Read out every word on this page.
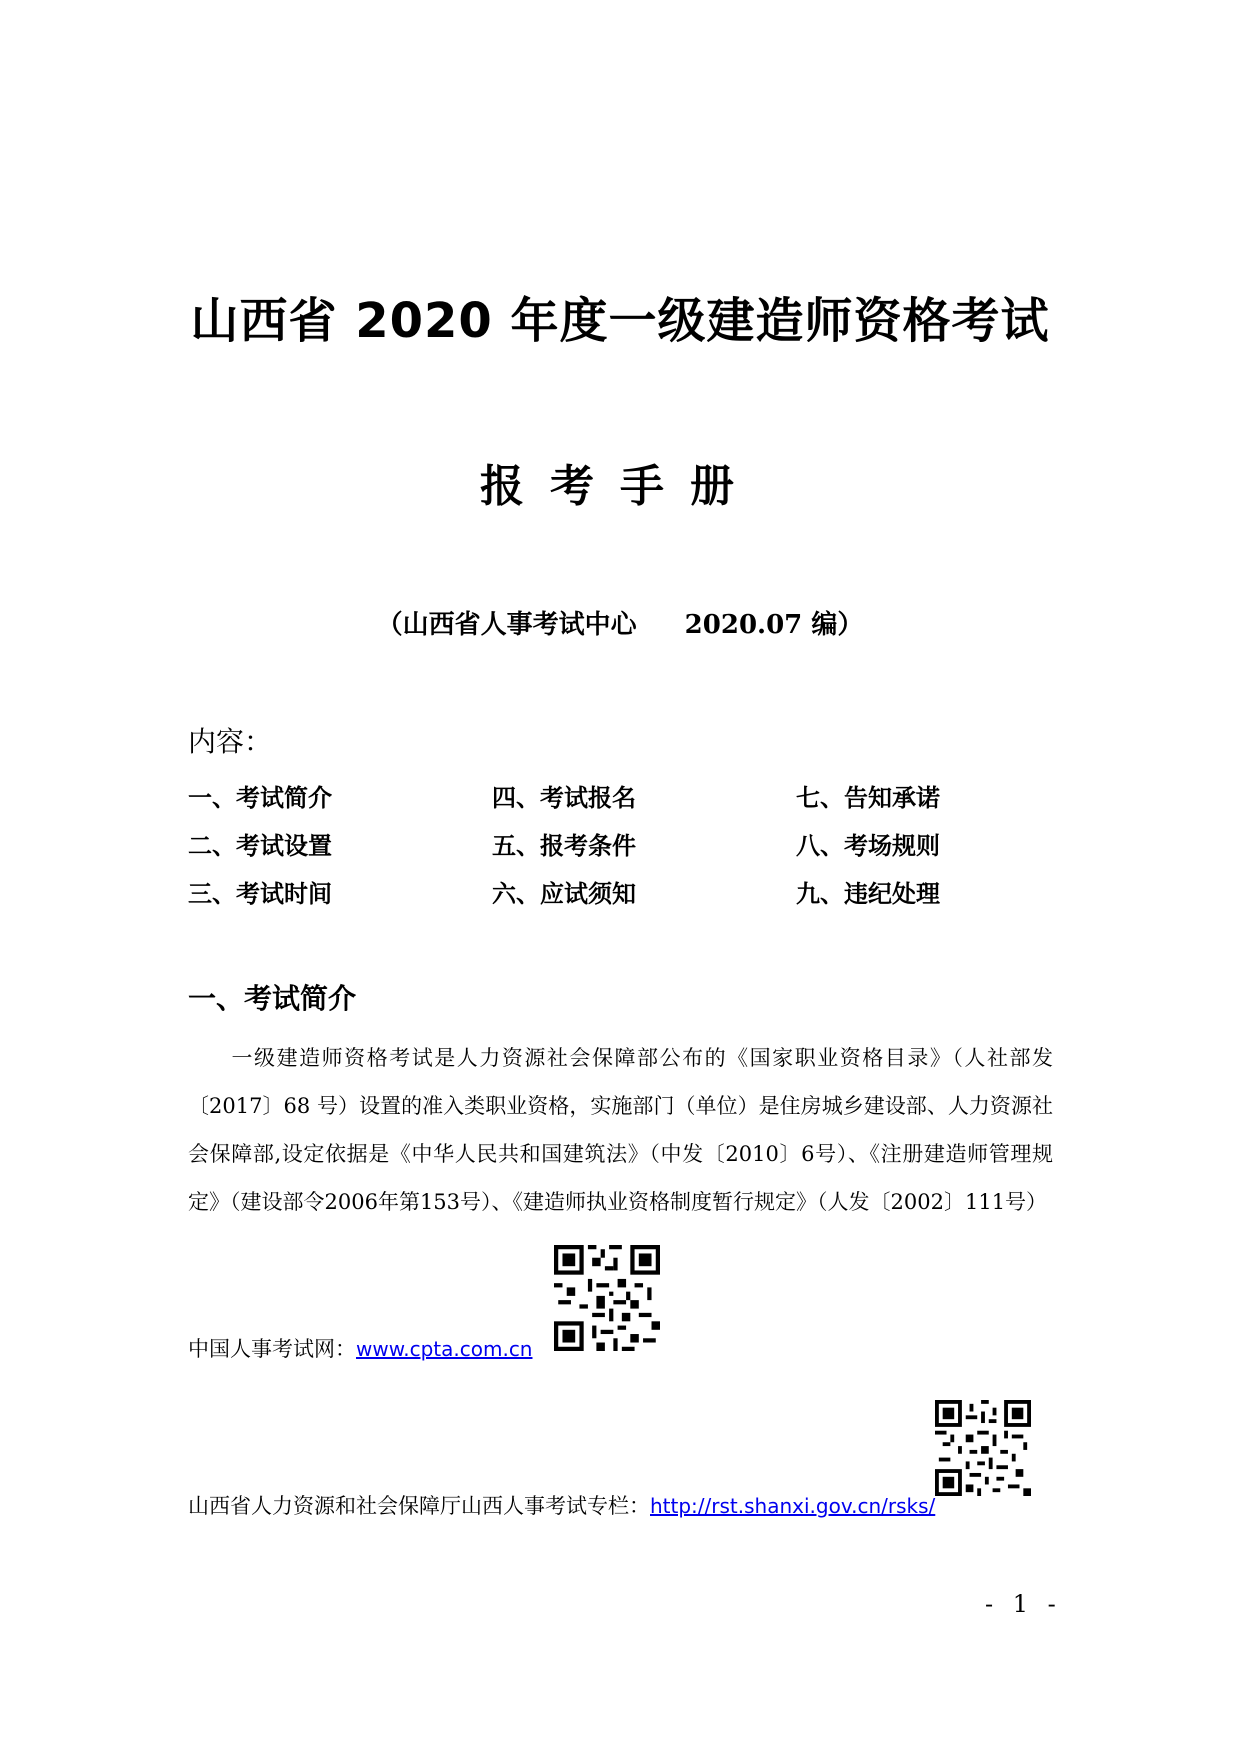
山西省 2020 年度一级建造师资格考试
报考手册
（山西省人事考试中心 2020.07 编）
内容：
一、考试简介
二、考试设置
三、考试时间
四、考试报名
五、报考条件
六、应试须知
七、告知承诺
八、考场规则
九、违纪处理
一、考试简介
一级建造师资格考试是人力资源社会保障部公布的《国家职业资格目录》（人社部发〔2017〕68 号）设置的准入类职业资格，实施部门（单位）是住房城乡建设部、人力资源社会保障部,设定依据是《中华人民共和国建筑法》（中发〔2010〕6号）、《注册建造师管理规定》（建设部令2006年第153号）、《建造师执业资格制度暂行规定》（人发〔2002〕111号）
中国人事考试网：www.cpta.com.cn
山西省人力资源和社会保障厅山西人事考试专栏：http://rst.shanxi.gov.cn/rsks/
- 1 -
